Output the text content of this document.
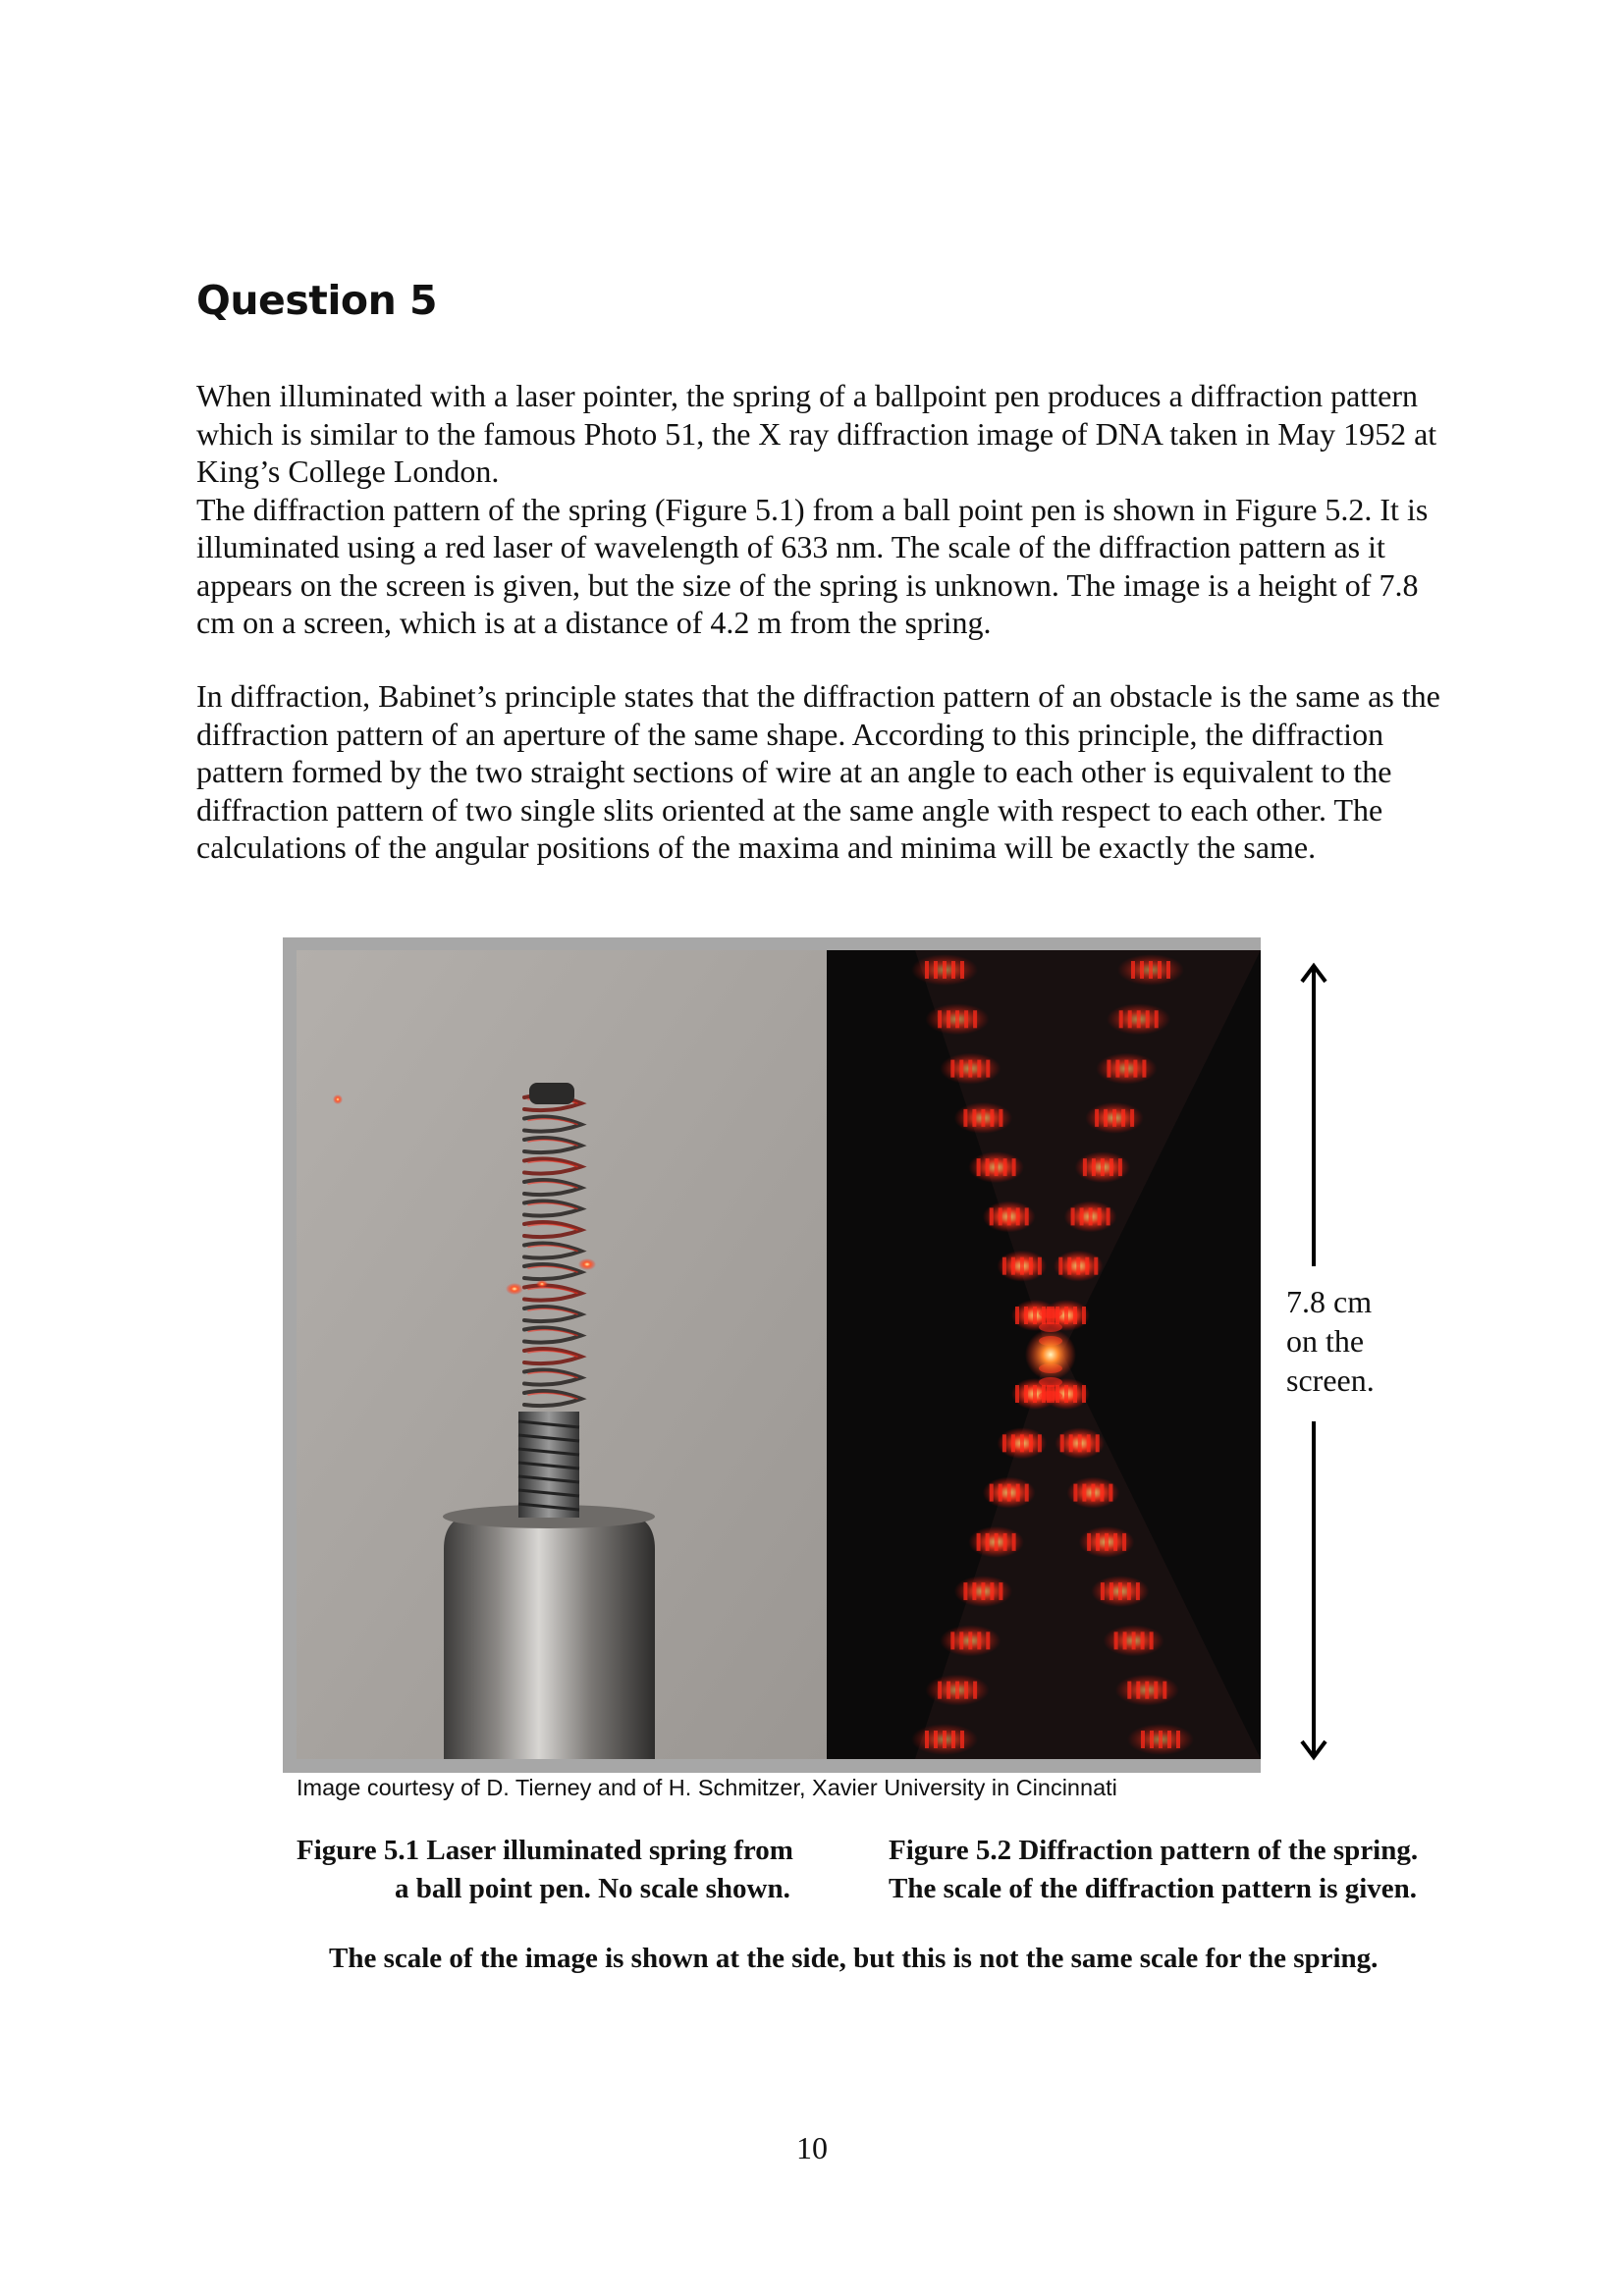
Question 5
When illuminated with a laser pointer, the spring of a ballpoint pen produces a diffraction pattern
which is similar to the famous Photo 51, the X ray diffraction image of DNA taken in May 1952 at
King’s College London.
The diffraction pattern of the spring (Figure 5.1) from a ball point pen is shown in Figure 5.2. It is
illuminated using a red laser of wavelength of 633 nm. The scale of the diffraction pattern as it
appears on the screen is given, but the size of the spring is unknown. The image is a height of 7.8
cm on a screen, which is at a distance of 4.2 m from the spring.
In diffraction, Babinet’s principle states that the diffraction pattern of an obstacle is the same as the
diffraction pattern of an aperture of the same shape. According to this principle, the diffraction
pattern formed by the two straight sections of wire at an angle to each other is equivalent to the
diffraction pattern of two single slits oriented at the same angle with respect to each other. The
calculations of the angular positions of the maxima and minima will be exactly the same.
7.8 cm
on the
screen.
Image courtesy of D. Tierney and of H. Schmitzer, Xavier University in Cincinnati
Figure 5.1 Laser illuminated spring from
a ball point pen. No scale shown.
Figure 5.2 Diffraction pattern of the spring.
The scale of the diffraction pattern is given.
The scale of the image is shown at the side, but this is not the same scale for the spring.
10
